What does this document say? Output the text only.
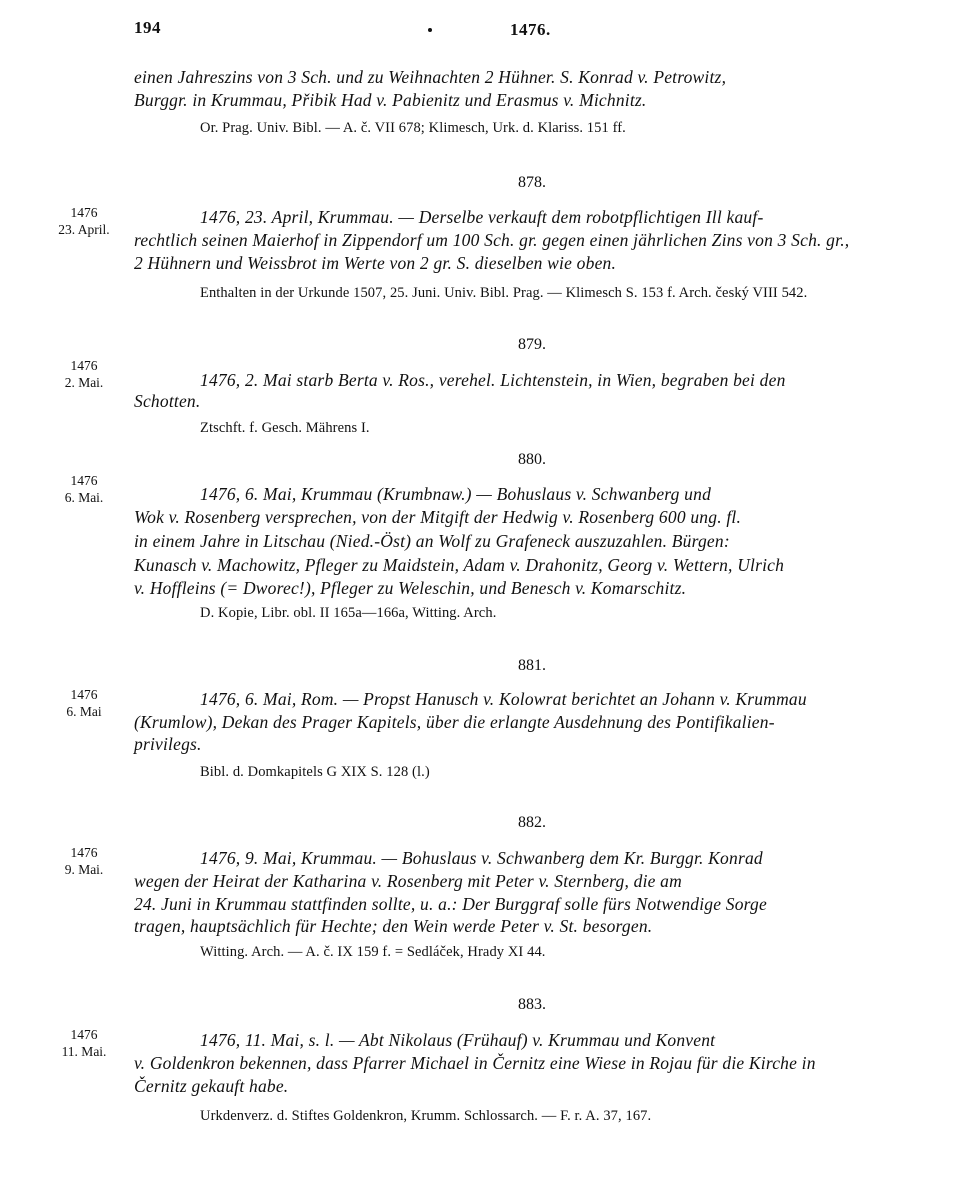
194	1476.
einen Jahreszins von 3 Sch. und zu Weihnachten 2 Hühner. S. Konrad v. Petrowitz,
Burggr. in Krummau, Přibik Had v. Pabienitz und Erasmus v. Michnitz.
Or. Prag. Univ. Bibl. — A. č. VII 678; Klimesch, Urk. d. Klariss. 151 ff.
878.
1476
23. April.
1476, 23. April, Krummau. — Derselbe verkauft dem robotpflichtigen Ill kauf-
rechtlich seinen Maierhof in Zippendorf um 100 Sch. gr. gegen einen jährlichen Zins von 3 Sch. gr.,
2 Hühnern und Weissbrot im Werte von 2 gr. S. dieselben wie oben.
Enthalten in der Urkunde 1507, 25. Juni. Univ. Bibl. Prag. — Klimesch S. 153 f. Arch. český VIII 542.
879.
1476
2. Mai.	1476, 2. Mai starb Berta v. Ros., verehel. Lichtenstein, in Wien, begraben bei den
Schotten.
Ztschft. f. Gesch. Mährens I.
880.
1476
6. Mai.	1476, 6. Mai, Krummau (Krumbnaw.) — Bohuslaus v. Schwanberg und
Wok v. Rosenberg versprechen, von der Mitgift der Hedwig v. Rosenberg 600 ung. fl.
in einem Jahre in Litschau (Nied.-Öst) an Wolf zu Grafeneck auszuzahlen. Bürgen:
Kunasch v. Machowitz, Pfleger zu Maidstein, Adam v. Drahonitz, Georg v. Wettern, Ulrich
v. Hoffleins (= Dworec!), Pfleger zu Weleschin, und Benesch v. Komarschitz.
D. Kopie, Libr. obl. II 165a—166a, Witting. Arch.
881.
1476
6. Mai
1476, 6. Mai, Rom. — Propst Hanusch v. Kolowrat berichtet an Johann v. Krummau
(Krumlow), Dekan des Prager Kapitels, über die erlangte Ausdehnung des Pontifikalien-
privilegs.
Bibl. d. Domkapitels G XIX S. 128 (l.)
882.
1476
9. Mai.
1476, 9. Mai, Krummau. — Bohuslaus v. Schwanberg dem Kr. Burggr. Konrad
wegen der Heirat der Katharina v. Rosenberg mit Peter v. Sternberg, die am
24. Juni in Krummau stattfinden sollte, u. a.: Der Burggraf solle fürs Notwendige Sorge
tragen, hauptsächlich für Hechte; den Wein werde Peter v. St. besorgen.
Witting. Arch. — A. č. IX 159 f. = Sedláček, Hrady XI 44.
883.
1476
11. Mai.
1476, 11. Mai, s. l. — Abt Nikolaus (Frühauf) v. Krummau und Konvent
v. Goldenkron bekennen, dass Pfarrer Michael in Černitz eine Wiese in Rojau für die Kirche in
Černitz gekauft habe.
Urkdenverz. d. Stiftes Goldenkron, Krumm. Schlossarch. — F. r. A. 37, 167.
